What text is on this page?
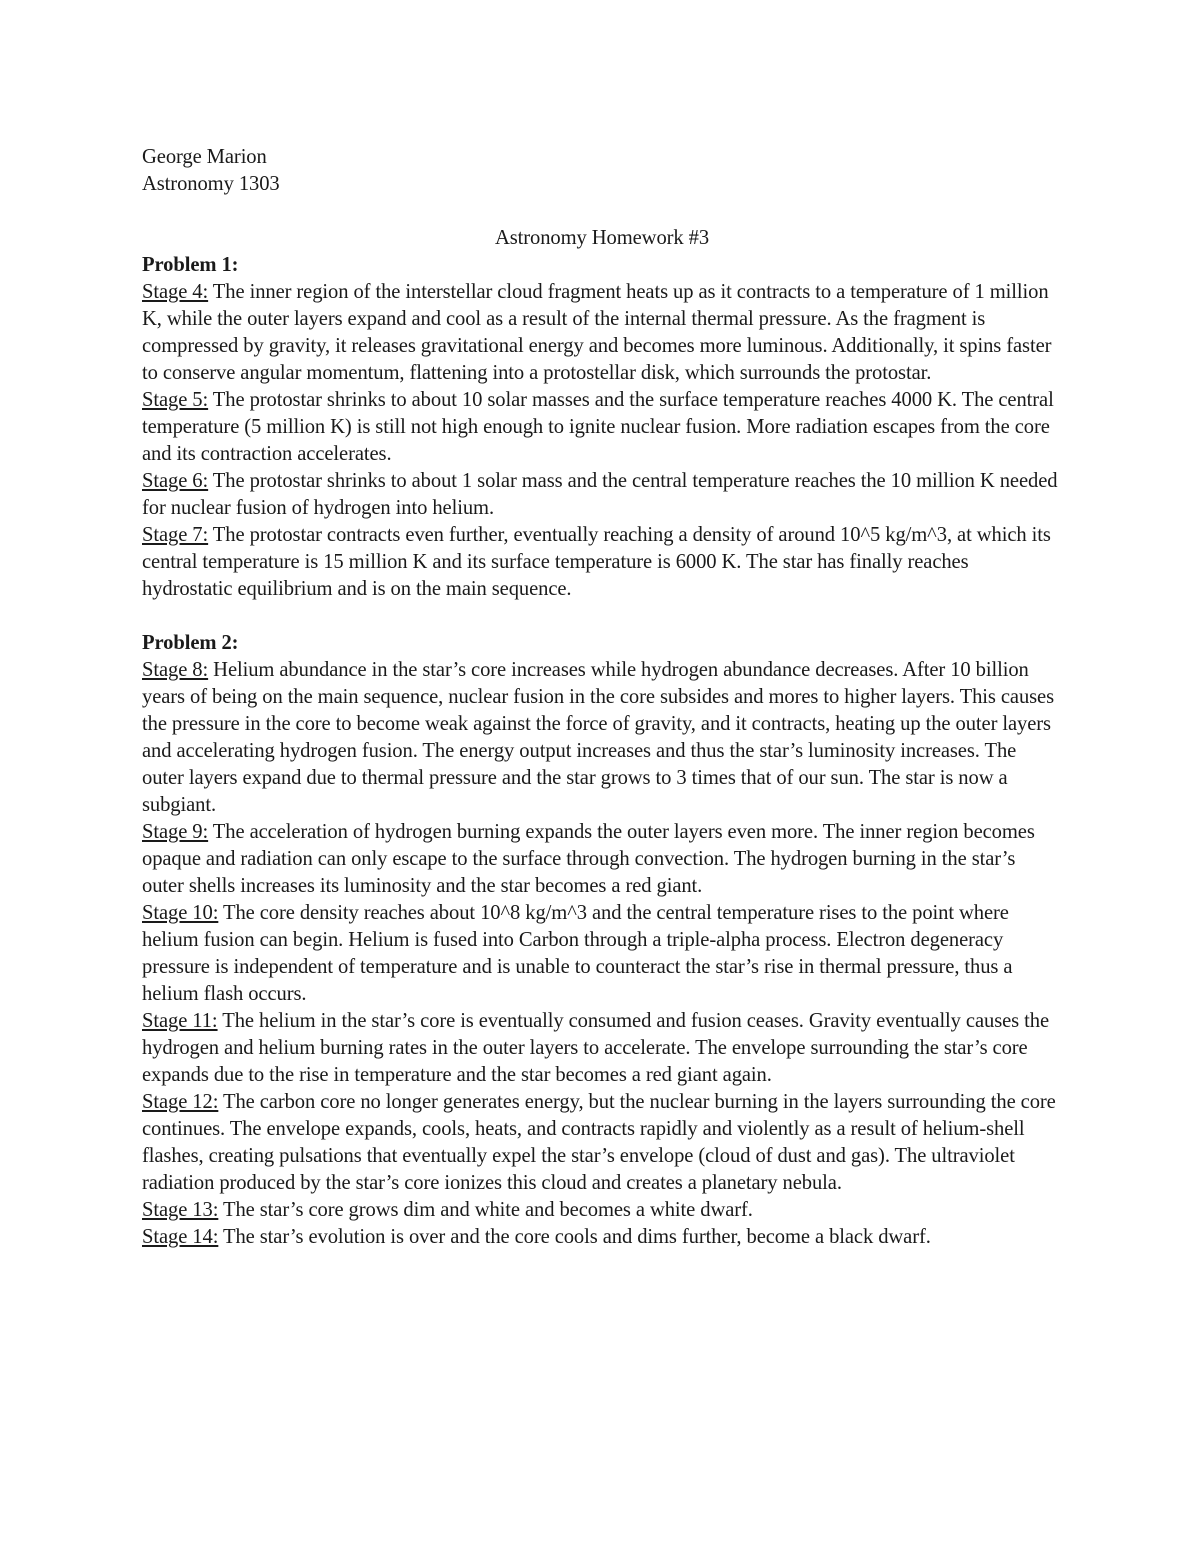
George Marion
Astronomy 1303
Astronomy Homework #3
Problem 1:

Stage 4: The inner region of the interstellar cloud fragment heats up as it contracts to a temperature of 1 million K, while the outer layers expand and cool as a result of the internal thermal pressure. As the fragment is compressed by gravity, it releases gravitational energy and becomes more luminous. Additionally, it spins faster to conserve angular momentum, flattening into a protostellar disk, which surrounds the protostar.

Stage 5: The protostar shrinks to about 10 solar masses and the surface temperature reaches 4000 K. The central temperature (5 million K) is still not high enough to ignite nuclear fusion. More radiation escapes from the core and its contraction accelerates.

Stage 6: The protostar shrinks to about 1 solar mass and the central temperature reaches the 10 million K needed for nuclear fusion of hydrogen into helium.

Stage 7: The protostar contracts even further, eventually reaching a density of around 10^5 kg/m^3, at which its central temperature is 15 million K and its surface temperature is 6000 K. The star has finally reaches hydrostatic equilibrium and is on the main sequence.

Problem 2:

Stage 8: Helium abundance in the star’s core increases while hydrogen abundance decreases. After 10 billion years of being on the main sequence, nuclear fusion in the core subsides and mores to higher layers. This causes the pressure in the core to become weak against the force of gravity, and it contracts, heating up the outer layers and accelerating hydrogen fusion. The energy output increases and thus the star’s luminosity increases. The outer layers expand due to thermal pressure and the star grows to 3 times that of our sun. The star is now a subgiant.

Stage 9: The acceleration of hydrogen burning expands the outer layers even more. The inner region becomes opaque and radiation can only escape to the surface through convection. The hydrogen burning in the star’s outer shells increases its luminosity and the star becomes a red giant.

Stage 10: The core density reaches about 10^8 kg/m^3 and the central temperature rises to the point where helium fusion can begin. Helium is fused into Carbon through a triple-alpha process. Electron degeneracy pressure is independent of temperature and is unable to counteract the star’s rise in thermal pressure, thus a helium flash occurs.

Stage 11: The helium in the star’s core is eventually consumed and fusion ceases. Gravity eventually causes the hydrogen and helium burning rates in the outer layers to accelerate. The envelope surrounding the star’s core expands due to the rise in temperature and the star becomes a red giant again.

Stage 12: The carbon core no longer generates energy, but the nuclear burning in the layers surrounding the core continues. The envelope expands, cools, heats, and contracts rapidly and violently as a result of helium-shell flashes, creating pulsations that eventually expel the star’s envelope (cloud of dust and gas). The ultraviolet radiation produced by the star’s core ionizes this cloud and creates a planetary nebula.

Stage 13: The star’s core grows dim and white and becomes a white dwarf.

Stage 14: The star’s evolution is over and the core cools and dims further, become a black dwarf.
